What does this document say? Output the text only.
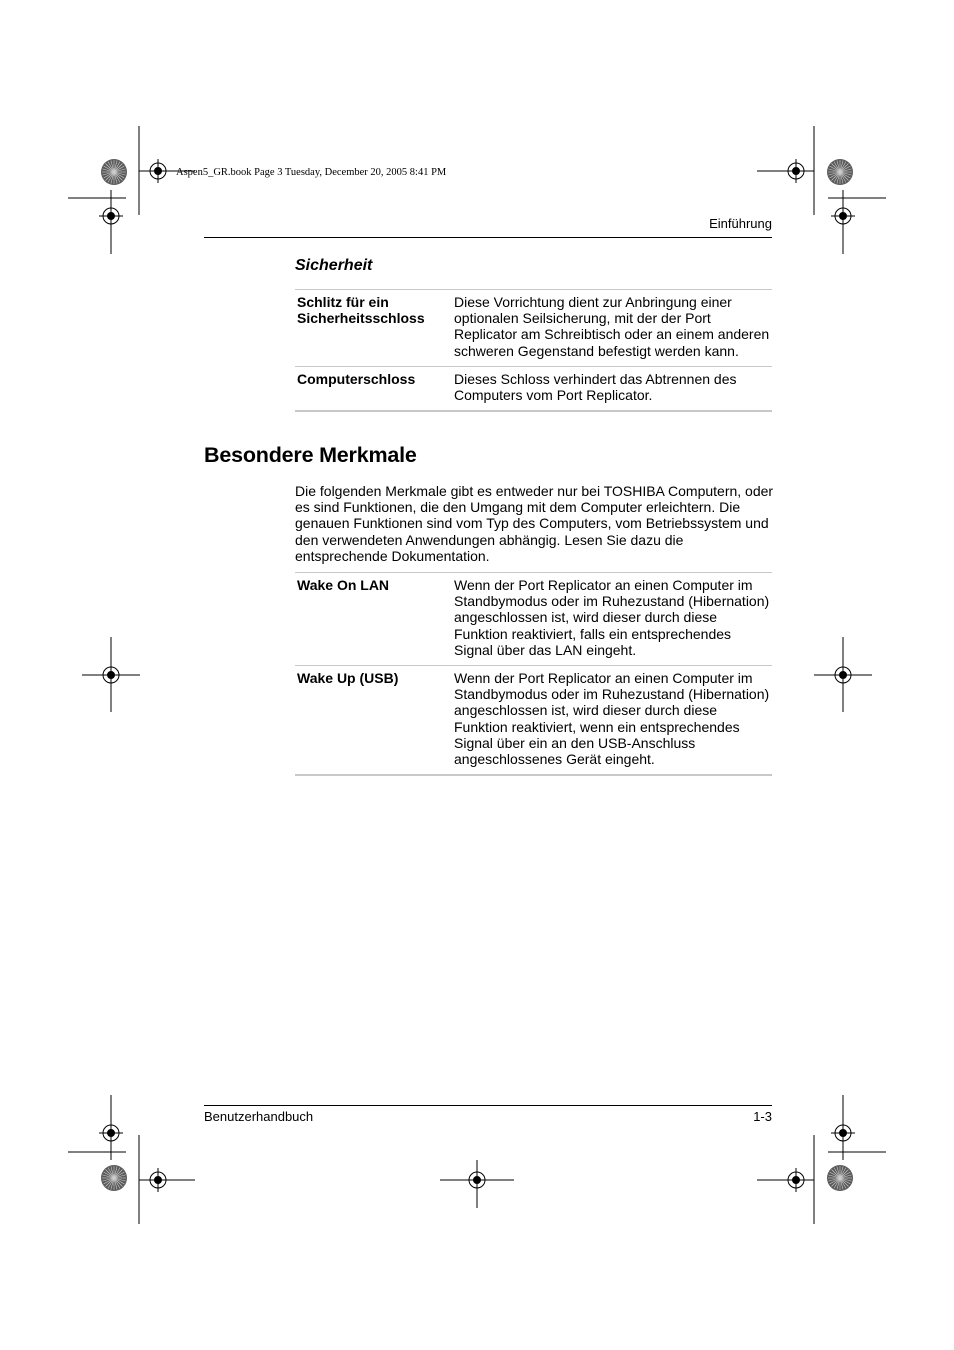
Aspen5_GR.book Page 3 Tuesday, December 20, 2005 8:41 PM
Einführung
Sicherheit
Schlitz für ein Sicherheitsschloss	Diese Vorrichtung dient zur Anbringung einer optionalen Seilsicherung, mit der der Port Replicator am Schreibtisch oder an einem anderen schweren Gegenstand befestigt werden kann.
Computerschloss	Dieses Schloss verhindert das Abtrennen des Computers vom Port Replicator.
Besondere Merkmale
Die folgenden Merkmale gibt es entweder nur bei TOSHIBA Computern, oder es sind Funktionen, die den Umgang mit dem Computer erleichtern. Die genauen Funktionen sind vom Typ des Computers, vom Betriebssystem und den verwendeten Anwendungen abhängig. Lesen Sie dazu die entsprechende Dokumentation.
Wake On LAN	Wenn der Port Replicator an einen Computer im Standbymodus oder im Ruhezustand (Hibernation) angeschlossen ist, wird dieser durch diese Funktion reaktiviert, falls ein entsprechendes Signal über das LAN eingeht.
Wake Up (USB)	Wenn der Port Replicator an einen Computer im Standbymodus oder im Ruhezustand (Hibernation) angeschlossen ist, wird dieser durch diese Funktion reaktiviert, wenn ein entsprechendes Signal über ein an den USB-Anschluss angeschlossenes Gerät eingeht.
Benutzerhandbuch	1-3
